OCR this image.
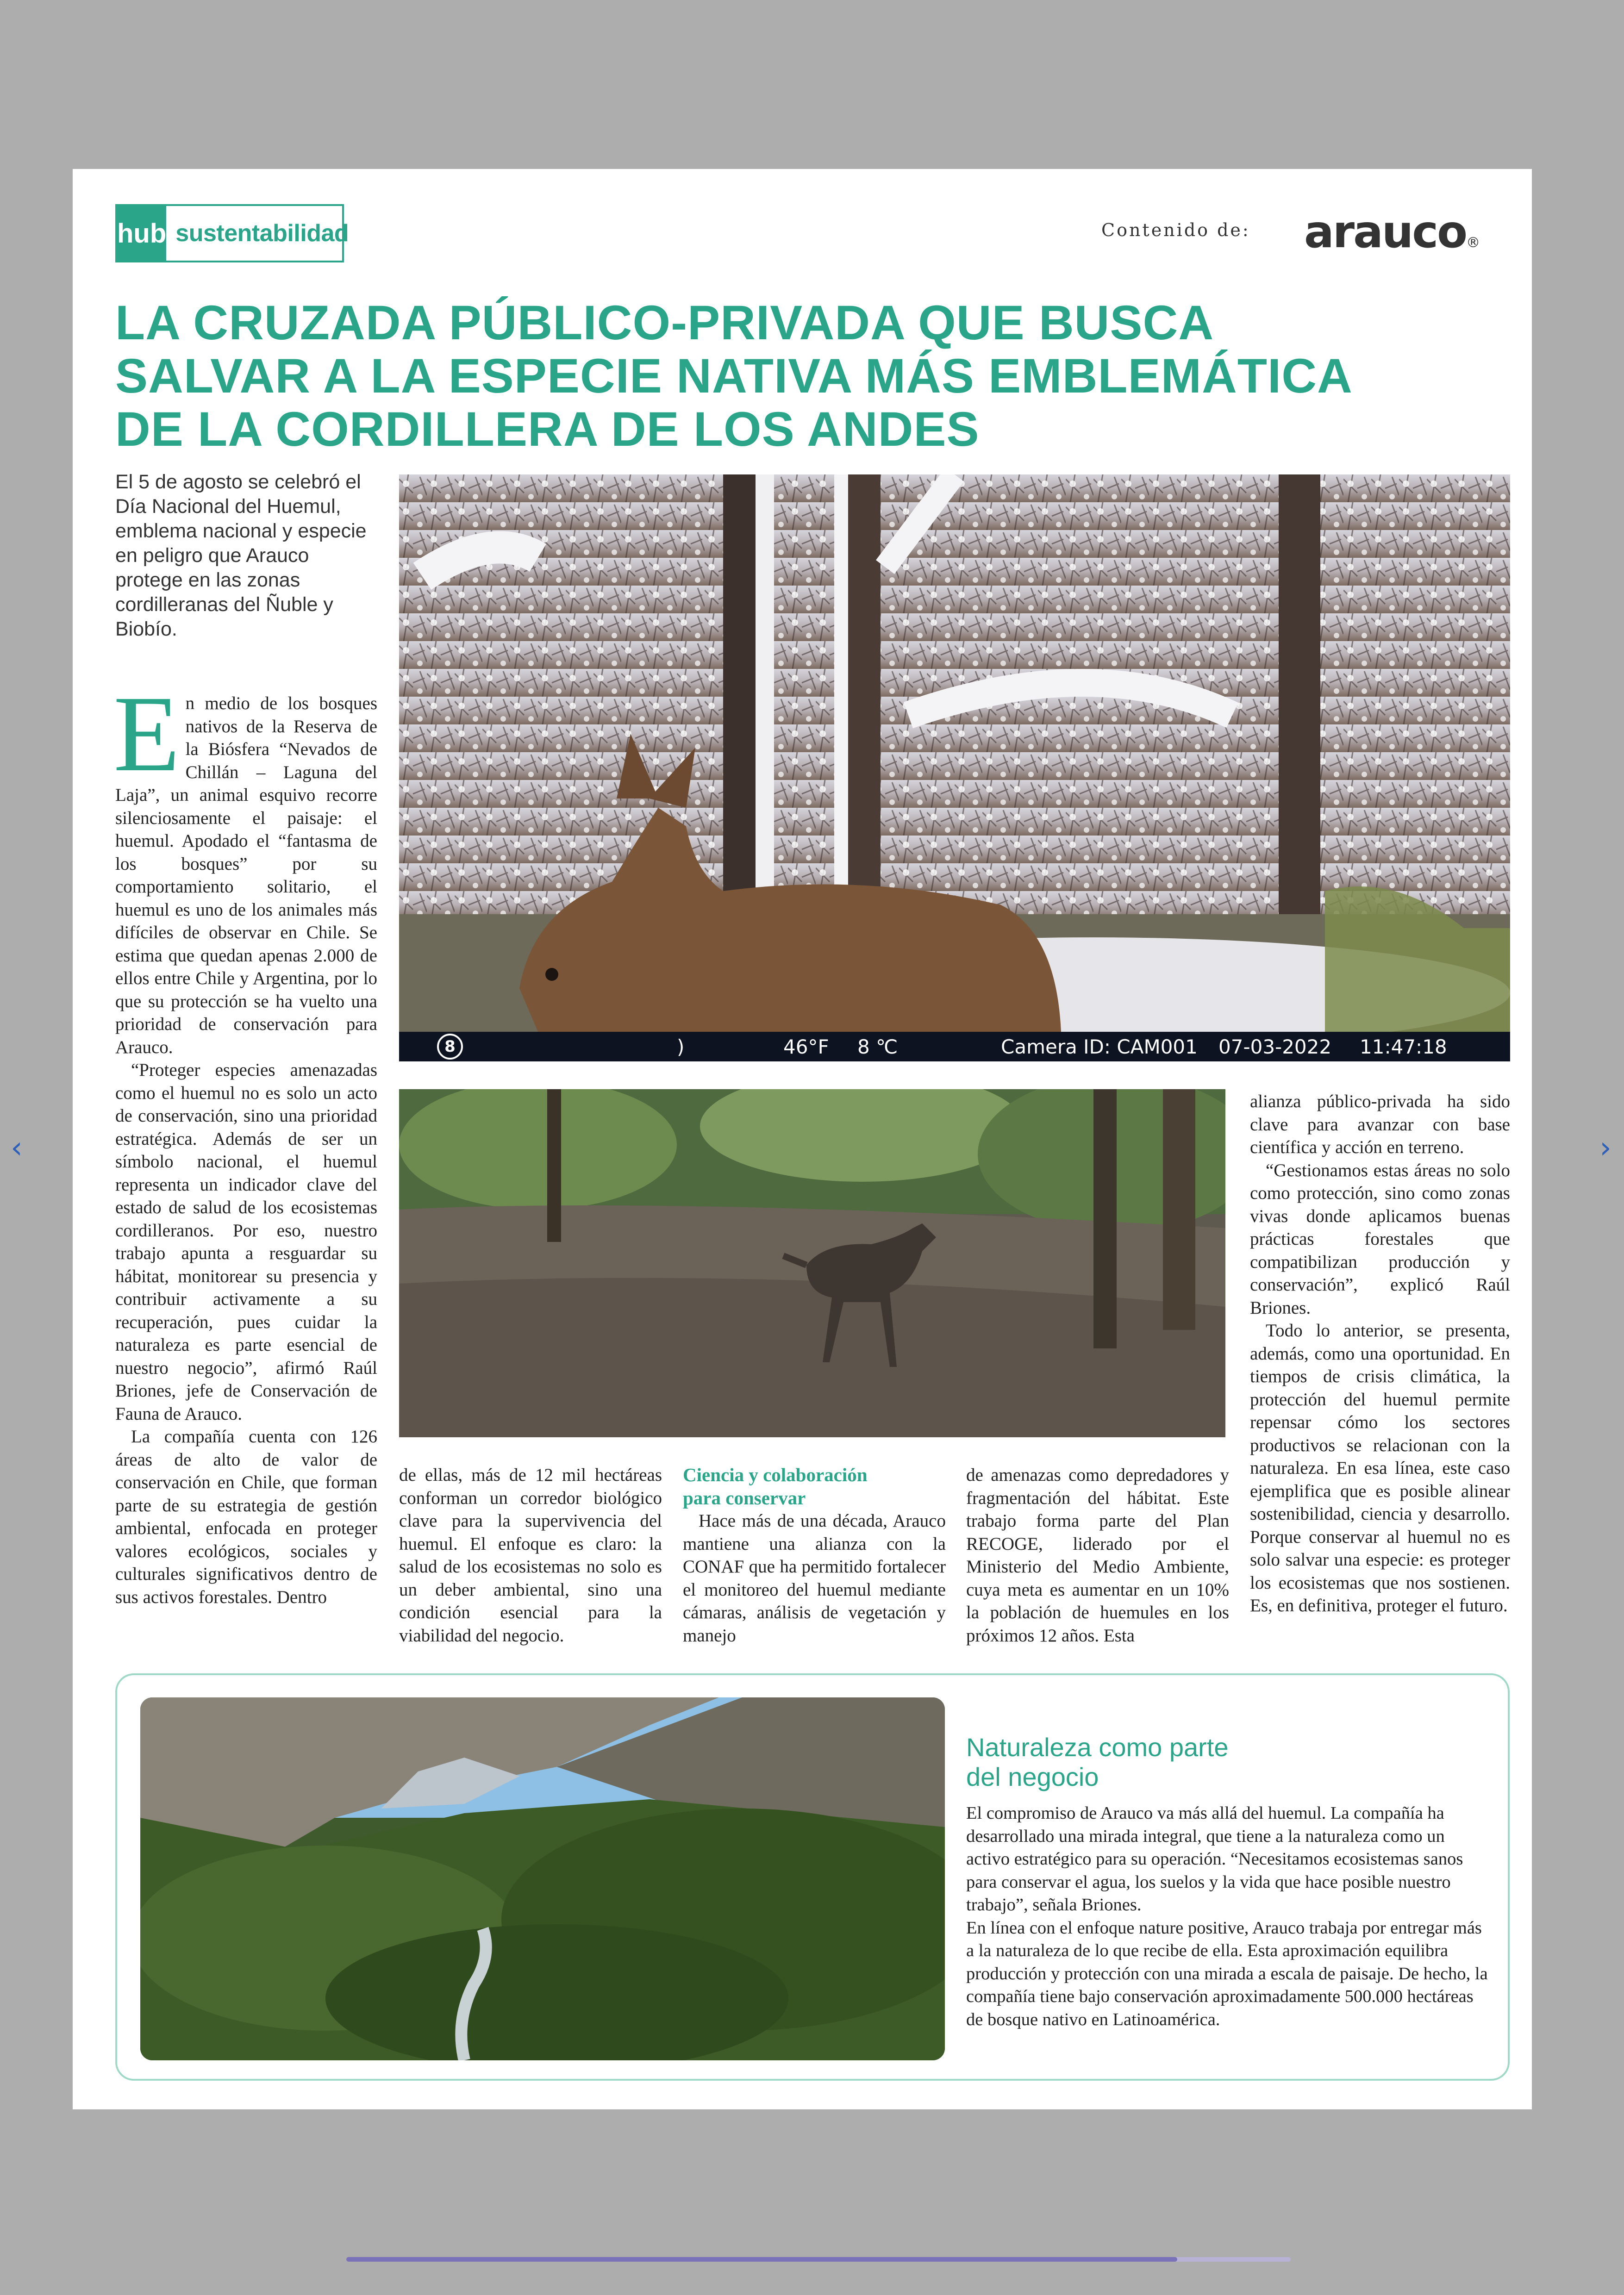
‹	›
hub sustentabilidad	Contenido de:	arauco®
LA CRUZADA PÚBLICO-PRIVADA QUE BUSCA
SALVAR A LA ESPECIE NATIVA MÁS EMBLEMÁTICA
DE LA CORDILLERA DE LOS ANDES
El 5 de agosto se celebró el Día Nacional del Huemul, emblema nacional y especie en peligro que Arauco protege en las zonas cordilleranas del Ñuble y Biobío.
8	)	46°F 8 ℃	Camera ID: CAM001 07-03-2022 11:47:18

En medio de los bosques nativos de la Reserva de la Biósfera “Nevados de Chillán – Laguna del Laja”, un animal esquivo recorre silenciosamente el paisaje: el huemul. Apodado el “fantasma de los bosques” por su comportamiento solitario, el huemul es uno de los animales más difíciles de observar en Chile. Se estima que quedan apenas 2.000 de ellos entre Chile y Argentina, por lo que su protección se ha vuelto una prioridad de conservación para Arauco.

“Proteger especies amenazadas como el huemul no es solo un acto de conservación, sino una prioridad estratégica. Además de ser un símbolo nacional, el huemul representa un indicador clave del estado de salud de los ecosistemas cordilleranos. Por eso, nuestro trabajo apunta a resguardar su hábitat, monitorear su presencia y contribuir activamente a su recuperación, pues cuidar la naturaleza es parte esencial de nuestro negocio”, afirmó Raúl Briones, jefe de Conservación de Fauna de Arauco.

La compañía cuenta con 126 áreas de alto de valor de conservación en Chile, que forman parte de su estrategia de gestión ambiental, enfocada en proteger valores ecológicos, sociales y culturales significativos dentro de sus activos forestales. Dentro

de ellas, más de 12 mil hectáreas conforman un corredor biológico clave para la supervivencia del huemul. El enfoque es claro: la salud de los ecosistemas no solo es un deber ambiental, sino una condición esencial para la viabilidad del negocio.

Ciencia y colaboración
para conservar

Hace más de una década, Arauco mantiene una alianza con la CONAF que ha permitido fortalecer el monitoreo del huemul mediante cámaras, análisis de vegetación y manejo

de amenazas como depredadores y fragmentación del hábitat. Este trabajo forma parte del Plan RECOGE, liderado por el Ministerio del Medio Ambiente, cuya meta es aumentar en un 10% la población de huemules en los próximos 12 años. Esta

alianza público-privada ha sido clave para avanzar con base científica y acción en terreno.

“Gestionamos estas áreas no solo como protección, sino como zonas vivas donde aplicamos buenas prácticas forestales que compatibilizan producción y conservación”, explicó Raúl Briones.

Todo lo anterior, se presenta, además, como una oportunidad. En tiempos de crisis climática, la protección del huemul permite repensar cómo los sectores productivos se relacionan con la naturaleza. En esa línea, este caso ejemplifica que es posible alinear sostenibilidad, ciencia y desarrollo. Porque conservar al huemul no es solo salvar una especie: es proteger los ecosistemas que nos sostienen. Es, en definitiva, proteger el futuro.

Naturaleza como parte
del negocio

El compromiso de Arauco va más allá del huemul. La compañía ha desarrollado una mirada integral, que tiene a la naturaleza como un activo estratégico para su operación. “Necesitamos ecosistemas sanos para conservar el agua, los suelos y la vida que hace posible nuestro trabajo”, señala Briones.

En línea con el enfoque nature positive, Arauco trabaja por entregar más a la naturaleza de lo que recibe de ella. Esta aproximación equilibra producción y protección con una mirada a escala de paisaje. De hecho, la compañía tiene bajo conservación aproximadamente 500.000 hectáreas de bosque nativo en Latinoamérica.
